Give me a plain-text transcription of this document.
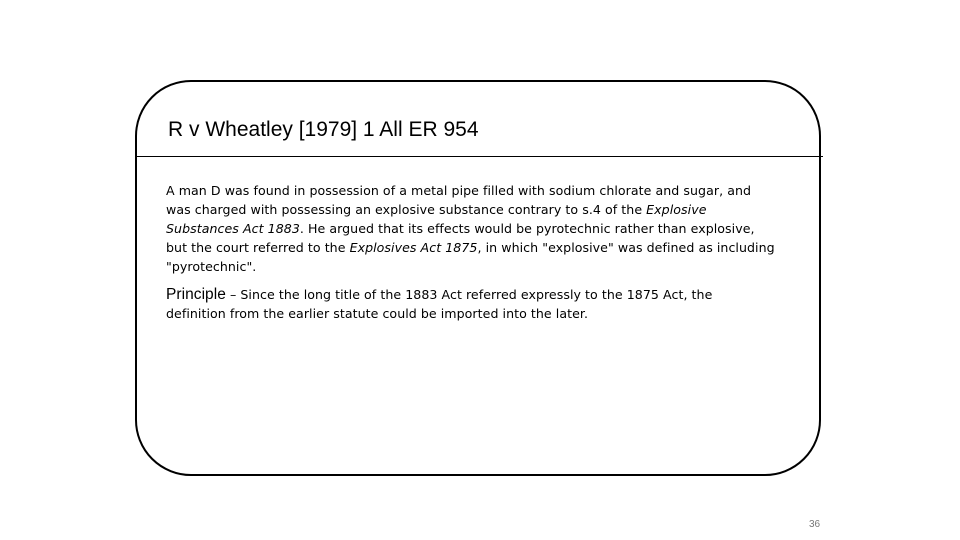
R v Wheatley [1979] 1 All ER 954

A man D was found in possession of a metal pipe filled with sodium chlorate and sugar, and was charged with possessing an explosive substance contrary to s.4 of the Explosive Substances Act 1883. He argued that its effects would be pyrotechnic rather than explosive, but the court referred to the Explosives Act 1875, in which "explosive" was defined as including "pyrotechnic".

Principle – Since the long title of the 1883 Act referred expressly to the 1875 Act, the definition from the earlier statute could be imported into the later.

36
